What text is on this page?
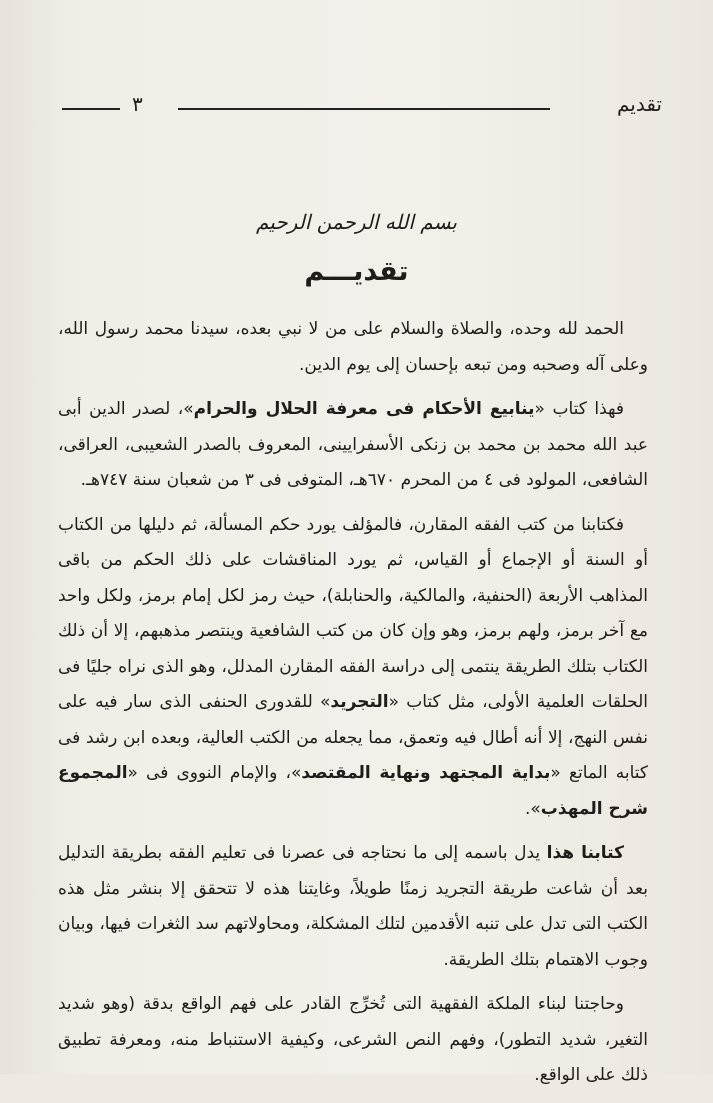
تقديم
٣
بسم الله الرحمن الرحيم
تقديـــم

الحمد لله وحده، والصلاة والسلام على من لا نبي بعده، سيدنا محمد رسول الله، وعلى آله وصحبه ومن تبعه بإحسان إلى يوم الدين.

فهذا كتاب «ينابيع الأحكام فى معرفة الحلال والحرام»، لصدر الدين أبى عبد الله محمد بن محمد بن زنكى الأسفرايينى، المعروف بالصدر الشعيبى، العراقى، الشافعى، المولود فى ٤ من المحرم ٦٧٠هـ، المتوفى فى ٣ من شعبان سنة ٧٤٧هـ.

فكتابنا من كتب الفقه المقارن، فالمؤلف يورد حكم المسألة، ثم دليلها من الكتاب أو السنة أو الإجماع أو القياس، ثم يورد المناقشات على ذلك الحكم من باقى المذاهب الأربعة (الحنفية، والمالكية، والحنابلة)، حيث رمز لكل إمام برمز، ولكل واحد مع آخر برمز، ولهم برمز، وهو وإن كان من كتب الشافعية وينتصر مذهبهم، إلا أن ذلك الكتاب بتلك الطريقة ينتمى إلى دراسة الفقه المقارن المدلل، وهو الذى نراه جليًا فى الحلقات العلمية الأولى، مثل كتاب «التجريد» للقدورى الحنفى الذى سار فيه على نفس النهج، إلا أنه أطال فيه وتعمق، مما يجعله من الكتب العالية، وبعده ابن رشد فى كتابه الماتع «بداية المجتهد ونهاية المقتصد»، والإمام النووى فى «المجموع شرح المهذب».

كتابنا هذا يدل باسمه إلى ما نحتاجه فى عصرنا فى تعليم الفقه بطريقة التدليل بعد أن شاعت طريقة التجريد زمنًا طويلاً، وغايتنا هذه لا تتحقق إلا بنشر مثل هذه الكتب التى تدل على تنبه الأقدمين لتلك المشكلة، ومحاولاتهم سد الثغرات فيها، وبيان وجوب الاهتمام بتلك الطريقة.

وحاجتنا لبناء الملكة الفقهية التى تُخرِّج القادر على فهم الواقع بدقة (وهو شديد التغير، شديد التطور)، وفهم النص الشرعى، وكيفية الاستنباط منه، ومعرفة تطبيق ذلك على الواقع.
